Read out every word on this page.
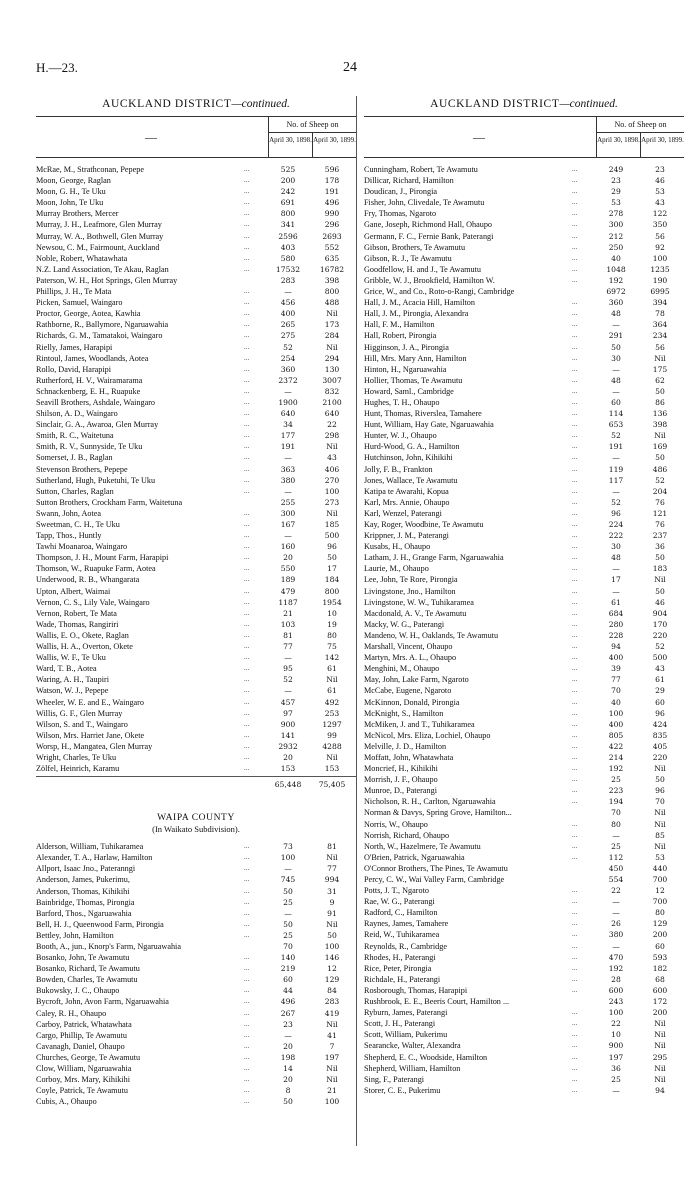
H.—23.	24
AUCKLAND DISTRICT—continued.
—
No. of Sheep on
April 30, 1898. April 30, 1899.
McRae, M., Strathconan, Pepepe	...	525	596
Moon, George, Raglan	...	200	178
Moon, G. H., Te Uku	...	242	191
Moon, John, Te Uku	...	691	496
Murray Brothers, Mercer	...	800	990
Murray, J. H., Leafmore, Glen Murray	...	341	296
Murray, W. A., Bothwell, Glen Murray	...	2596	2693
Newsou, C. M., Fairmount, Auckland	...	403	552
Noble, Robert, Whatawhata	...	580	635
N.Z. Land Association, Te Akau, Raglan	...	17532	16782
Paterson, W. H., Hot Springs, Glen Murray	283	398
Phillips, J. H., Te Mata	...	—	800
Picken, Samuel, Waingaro	...	456	488
Proctor, George, Aotea, Kawhia	...	400	Nil
Rathborne, R., Ballymore, Ngaruawahia	...	265	173
Richards, G. M., Tamatakoi, Waingaro	...	275	284
Rielly, James, Harapipi	...	52	Nil
Rintoul, James, Woodlands, Aotea	...	254	294
Rollo, David, Harapipi	...	360	130
Rutherford, H. V., Wairamarama	...	2372	3007
Schnackenberg, E. H., Ruapuke	...	—	832
Seavill Brothers, Ashdale, Waingaro	...	1900	2100
Shilson, A. D., Waingaro	...	640	640
Sinclair, G. A., Awaroa, Glen Murray	...	34	22
Smith, R. C., Waitetuna	...	177	298
Smith, R. V., Sunnyside, Te Uku	...	191	Nil
Somerset, J. B., Raglan	...	—	43
Stevenson Brothers, Pepepe	...	363	406
Sutherland, Hugh, Puketuhi, Te Uku	...	380	270
Sutton, Charles, Raglan	...	—	100
Sutton Brothers, Crockham Farm, Waitetuna	255	273
Swann, John, Aotea	...	300	Nil
Sweetman, C. H., Te Uku	...	167	185
Tapp, Thos., Huntly	...	—	500
Tawhi Moanaroa, Waingaro	...	160	96
Thompson, J. H., Mount Farm, Harapipi	...	20	50
Thomson, W., Ruapuke Farm, Aotea	...	550	17
Underwood, R. B., Whangarata	...	189	184
Upton, Albert, Waimai	...	479	800
Vernon, C. S., Lily Vale, Waingaro	...	1187	1954
Vernon, Robert, Te Mata	...	21	10
Wade, Thomas, Rangiriri	...	103	19
Wallis, E. O., Okete, Raglan	...	81	80
Wallis, H. A., Overton, Okete	...	77	75
Wallis, W. F., Te Uku	...	—	142
Ward, T. B., Aotea	...	95	61
Waring, A. H., Taupiri	...	52	Nil
Watson, W. J., Pepepe	...	—	61
Wheeler, W. E. and E., Waingaro	...	457	492
Willis, G. F., Glen Murray	...	97	253
Wilson, S. and T., Waingaro	...	900	1297
Wilson, Mrs. Harriet Jane, Okete	...	141	99
Worsp, H., Mangatea, Glen Murray	...	2932	4288
Wright, Charles, Te Uku	...	20	Nil
Zölfel, Heinrich, Karamu	...	153	153
65,448	75,405
WAIPA COUNTY
(In Waikato Subdivision).
Alderson, William, Tuhikaramea	...	73	81
Alexander, T. A., Harlaw, Hamilton	...	100	Nil
Allport, Isaac Jno., Pateranngi	...	—	77
Anderson, James, Pukerimu,	...	745	994
Anderson, Thomas, Kihikihi	...	50	31
Bainbridge, Thomas, Pirongia	...	25	9
Barford, Thos., Ngaruawahia	...	—	91
Bell, H. J., Queenwood Farm, Pirongia	...	50	Nil
Bettley, John, Hamilton	...	25	50
Booth, A., jun., Knorp's Farm, Ngaruawahia	70	100
Bosanko, John, Te Awamutu	...	140	146
Bosanko, Richard, Te Awamutu	...	219	12
Bowden, Charles, Te Awamutu	...	60	129
Bukowsky, J. C., Ohaupo	...	44	84
Bycroft, John, Avon Farm, Ngaruawahia	...	496	283
Caley, R. H., Ohaupo	...	267	419
Carboy, Patrick, Whatawhata	...	23	Nil
Cargo, Phillip, Te Awamutu	...	—	41
Cavanagh, Daniel, Ohaupo	...	20	7
Churches, George, Te Awamutu	...	198	197
Clow, William, Ngaruawahia	...	14	Nil
Corboy, Mrs. Mary, Kihikihi	...	20	Nil
Coyle, Patrick, Te Awamutu	...	8	21
Cubis, A., Ohaupo	...	50	100
AUCKLAND DISTRICT—continued.
—
No. of Sheep on
April 30, 1898. April 30, 1899.
Cunningham, Robert, Te Awamutu	...	249	23
Dillicar, Richard, Hamilton	...	23	46
Doudican, J., Pirongia	...	29	53
Fisher, John, Clivedale, Te Awamutu	...	53	43
Fry, Thomas, Ngaroto	...	278	122
Gane, Joseph, Richmond Hall, Ohaupo	...	300	350
Germann, F. C., Fernie Bank, Paterangi	...	212	56
Gibson, Brothers, Te Awamutu	...	250	92
Gibson, R. J., Te Awamutu	...	40	100
Goodfellow, H. and J., Te Awamutu	...	1048	1235
Gribble, W. J., Brookfield, Hamilton W.	...	192	190
Grice, W., and Co., Roto-o-Rangi, Cambridge	6972	6995
Hall, J. M., Acacia Hill, Hamilton	...	360	394
Hall, J. M., Pirongia, Alexandra	...	48	78
Hall, F. M., Hamilton	...	—	364
Hall, Robert, Pirongia	...	291	234
Higginson, J. A., Pirongia	...	50	56
Hill, Mrs. Mary Ann, Hamilton	...	30	Nil
Hinton, H., Ngaruawahia	...	—	175
Hollier, Thomas, Te Awamutu	...	48	62
Howard, Saml., Cambridge	...	—	50
Hughes, T. H., Ohaupo	...	60	86
Hunt, Thomas, Riverslea, Tamahere	...	114	136
Hunt, William, Hay Gate, Ngaruawahia	...	653	398
Hunter, W. J., Ohaupo	...	52	Nil
Hurd-Wood, G. A., Hamilton	...	191	169
Hutchinson, John, Kihikihi	...	—	50
Jolly, F. B., Frankton	...	119	486
Jones, Wallace, Te Awamutu	...	117	52
Katipa te Awarahi, Kopua	...	—	204
Karl, Mrs. Annie, Ohaupo	...	52	76
Karl, Wenzel, Paterangi	...	96	121
Kay, Roger, Woodbine, Te Awamutu	...	224	76
Krippner, J. M., Paterangi	...	222	237
Kusabs, H., Ohaupo	...	30	36
Latham, J. H., Grange Farm, Ngaruawahia	...	48	50
Laurie, M., Ohaupo	...	—	183
Lee, John, Te Rore, Pirongia	...	17	Nil
Livingstone, Jno., Hamilton	...	—	50
Livingstone, W. W., Tuhikaramea	...	61	46
Macdonald, A. V., Te Awamutu	...	684	904
Macky, W. G., Paterangi	...	280	170
Mandeno, W. H., Oaklands, Te Awamutu	...	228	220
Marshall, Vincent, Ohaupo	...	94	52
Martyn, Mrs. A. L., Ohaupo	...	400	500
Menghini, M., Ohaupo	...	39	43
May, John, Lake Farm, Ngaroto	...	77	61
McCabe, Eugene, Ngaroto	...	70	29
McKinnon, Donald, Pirongia	...	40	60
McKnight, S., Hamilton	...	100	96
McMiken, J. and T., Tuhikaramea	...	400	424
McNicol, Mrs. Eliza, Lochiel, Ohaupo	...	805	835
Melville, J. D., Hamilton	...	422	405
Moffatt, John, Whatawhata	...	214	220
Moncrief, H., Kihikihi	...	192	Nil
Morrish, J. F., Ohaupo	...	25	50
Munroe, D., Paterangi	...	223	96
Nicholson, R. H., Carlton, Ngaruawahia	...	194	70
Norman & Davys, Spring Grove, Hamilton...	70	Nil
Norris, W., Ohaupo	...	80	Nil
Norrish, Richard, Ohaupo	...	—	85
North, W., Hazelmere, Te Awamutu	...	25	Nil
O'Brien, Patrick, Ngaruawahia	...	112	53
O'Connor Brothers, The Pines, Te Awamutu	450	440
Percy, C. W., Wai Valley Farm, Cambridge	554	700
Potts, J. T., Ngaroto	...	22	12
Rae, W. G., Paterangi	...	—	700
Radford, C., Hamilton	...	—	80
Raynes, James, Tamahere	...	26	129
Reid, W., Tuhikaramea	...	380	200
Reynolds, R., Cambridge	...	—	60
Rhodes, H., Paterangi	...	470	593
Rice, Peter, Pirongia	...	192	182
Richdale, H., Paterangi	...	28	68
Rosborough, Thomas, Harapipi	...	600	600
Rushbrook, E. E., Beeris Court, Hamilton ...	243	172
Ryburn, James, Paterangi	...	100	200
Scott, J. H., Paterangi	...	22	Nil
Scott, William, Pukerimu	...	10	Nil
Searancke, Walter, Alexandra	...	900	Nil
Shepherd, E. C., Woodside, Hamilton	...	197	295
Shepherd, William, Hamilton	...	36	Nil
Sing, F., Paterangi	...	25	Nil
Storer, C. E., Pukerimu	...	—	94
